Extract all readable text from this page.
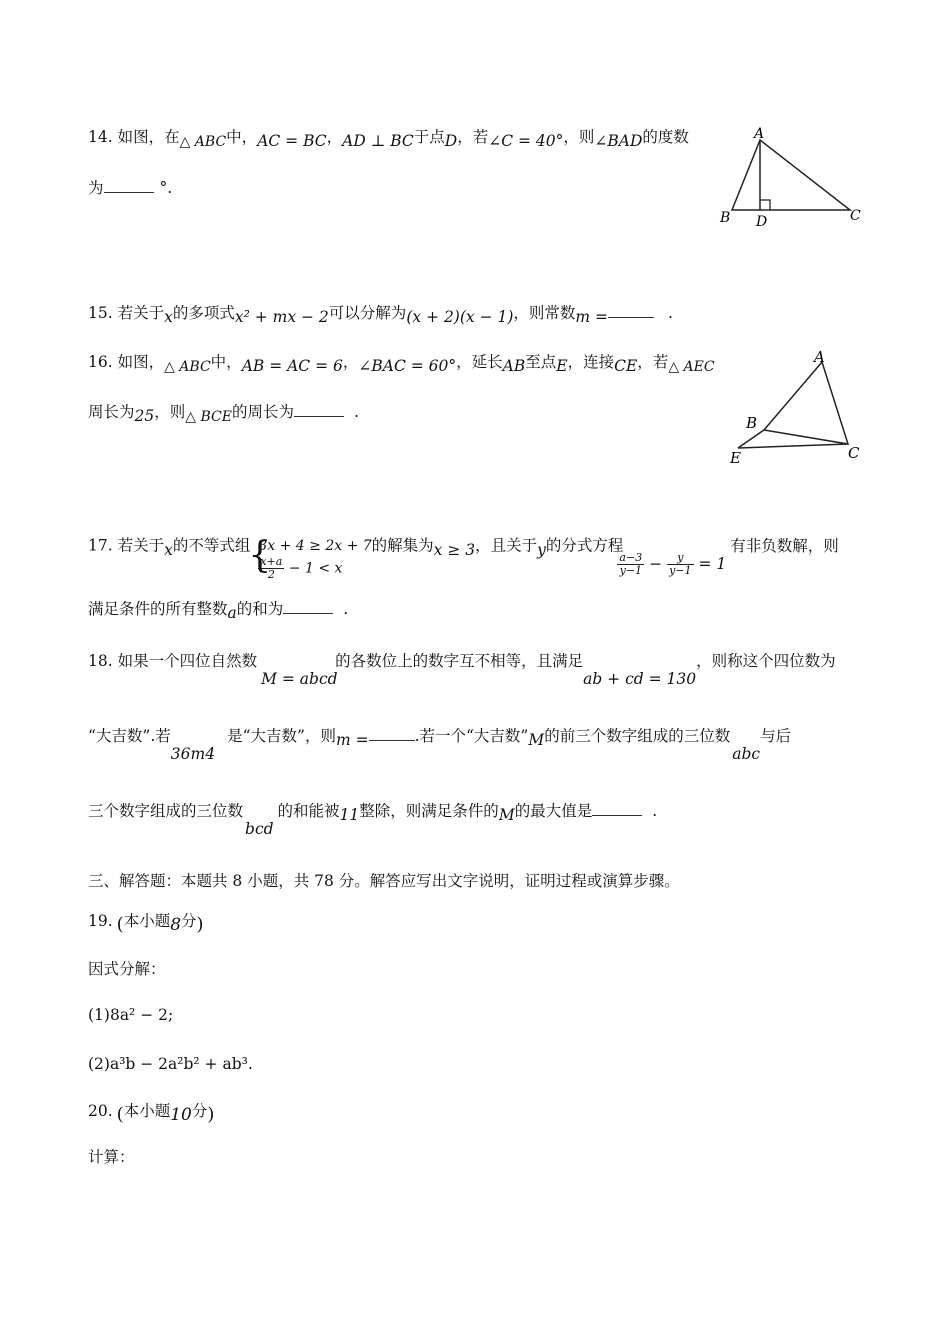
14. 如图，在△ ABC中，AC = BC，AD ⊥ BC于点D，若∠C = 40°，则∠BAD的度数
为	°.
A
B	C
D
15. 若关于x的多项式x² + mx − 2可以分解为(x + 2)(x − 1)，则常数m =	.
16. 如图，△ ABC中，AB = AC = 6，∠BAC = 60°，延长AB至点E，连接CE，若△ AEC
周长为25，则△ BCE的周长为	.
A
B
C
E
17. 若关于x的不等式组
{ 3x + 4 ≥ 2x + 7
$\frac{x+a}{2} - 1 < x$
的解集为x ≥ 3，且关于y的分式方程
$\frac{a-3}{y-1} - \frac{y}{y-1} = 1$有非负数解，则
满足条件的所有整数a的和为	.
18. 如果一个四位自然数M = abcd的各数位上的数字互不相等，且满足ab + cd = 130，则称这个四位数为
“大吉数”.若36m4是“大吉数”，则m =	.若一个“大吉数”M的前三个数字组成的三位数abc与后
三个数字组成的三位数bcd的和能被11整除，则满足条件的M的最大值是	.
三、解答题：本题共 8 小题，共 78 分。解答应写出文字说明，证明过程或演算步骤。
19. (本小题8分)
因式分解：
(1)8a² − 2;
(2)a³b − 2a²b² + ab³.
20. (本小题10分)
计算：
